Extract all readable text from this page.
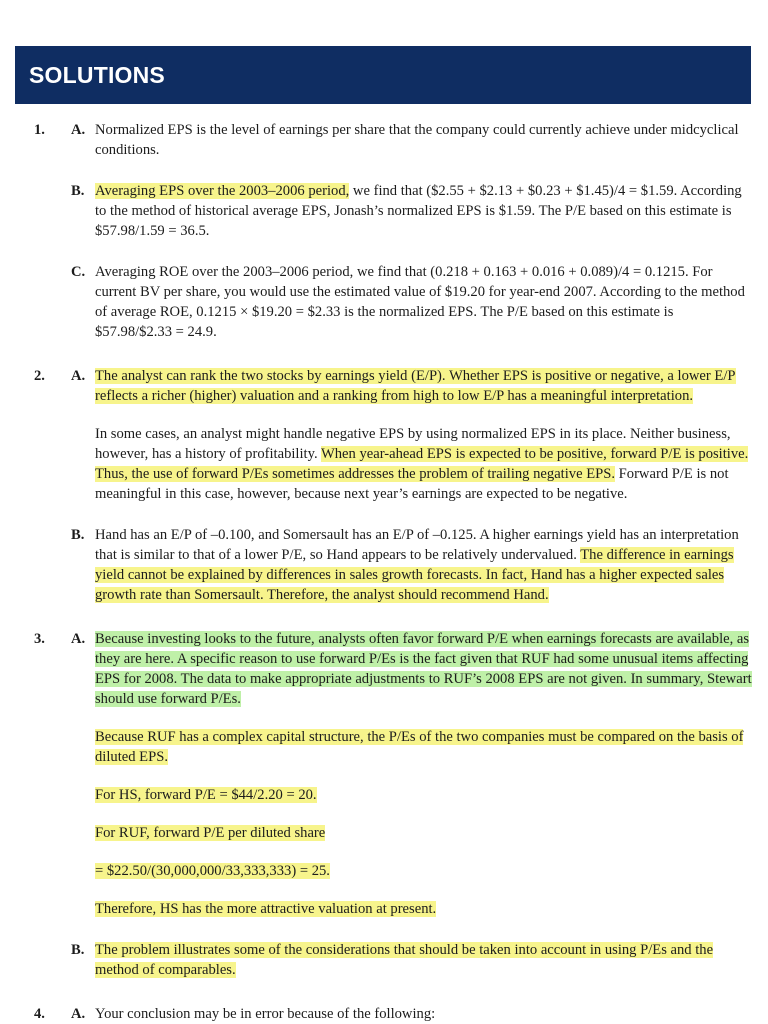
SOLUTIONS
1. A. Normalized EPS is the level of earnings per share that the company could currently achieve under midcyclical conditions.

B. Averaging EPS over the 2003–2006 period, we find that ($2.55 + $2.13 + $0.23 + $1.45)/4 = $1.59. According to the method of historical average EPS, Jonash’s normalized EPS is $1.59. The P/E based on this estimate is $57.98/1.59 = 36.5.

C. Averaging ROE over the 2003–2006 period, we find that (0.218 + 0.163 + 0.016 + 0.089)/4 = 0.1215. For current BV per share, you would use the estimated value of $19.20 for year-end 2007. According to the method of average ROE, 0.1215 × $19.20 = $2.33 is the normalized EPS. The P/E based on this estimate is $57.98/$2.33 = 24.9.

2. A. The analyst can rank the two stocks by earnings yield (E/P). Whether EPS is positive or negative, a lower E/P reflects a richer (higher) valuation and a ranking from high to low E/P has a meaningful interpretation.

In some cases, an analyst might handle negative EPS by using normalized EPS in its place. Neither business, however, has a history of profitability. When year-ahead EPS is expected to be positive, forward P/E is positive. Thus, the use of forward P/Es sometimes addresses the problem of trailing negative EPS. Forward P/E is not meaningful in this case, however, because next year’s earnings are expected to be negative.

B. Hand has an E/P of –0.100, and Somersault has an E/P of –0.125. A higher earnings yield has an interpretation that is similar to that of a lower P/E, so Hand appears to be relatively undervalued. The difference in earnings yield cannot be explained by differences in sales growth forecasts. In fact, Hand has a higher expected sales growth rate than Somersault. Therefore, the analyst should recommend Hand.

3. A. Because investing looks to the future, analysts often favor forward P/E when earnings forecasts are available, as they are here. A specific reason to use forward P/Es is the fact given that RUF had some unusual items affecting EPS for 2008. The data to make appropriate adjustments to RUF’s 2008 EPS are not given. In summary, Stewart should use forward P/Es.

Because RUF has a complex capital structure, the P/Es of the two companies must be compared on the basis of diluted EPS.

For HS, forward P/E = $44/2.20 = 20.

For RUF, forward P/E per diluted share

= $22.50/(30,000,000/33,333,333) = 25.

Therefore, HS has the more attractive valuation at present.

B. The problem illustrates some of the considerations that should be taken into account in using P/Es and the method of comparables.

4. A. Your conclusion may be in error because of the following:
